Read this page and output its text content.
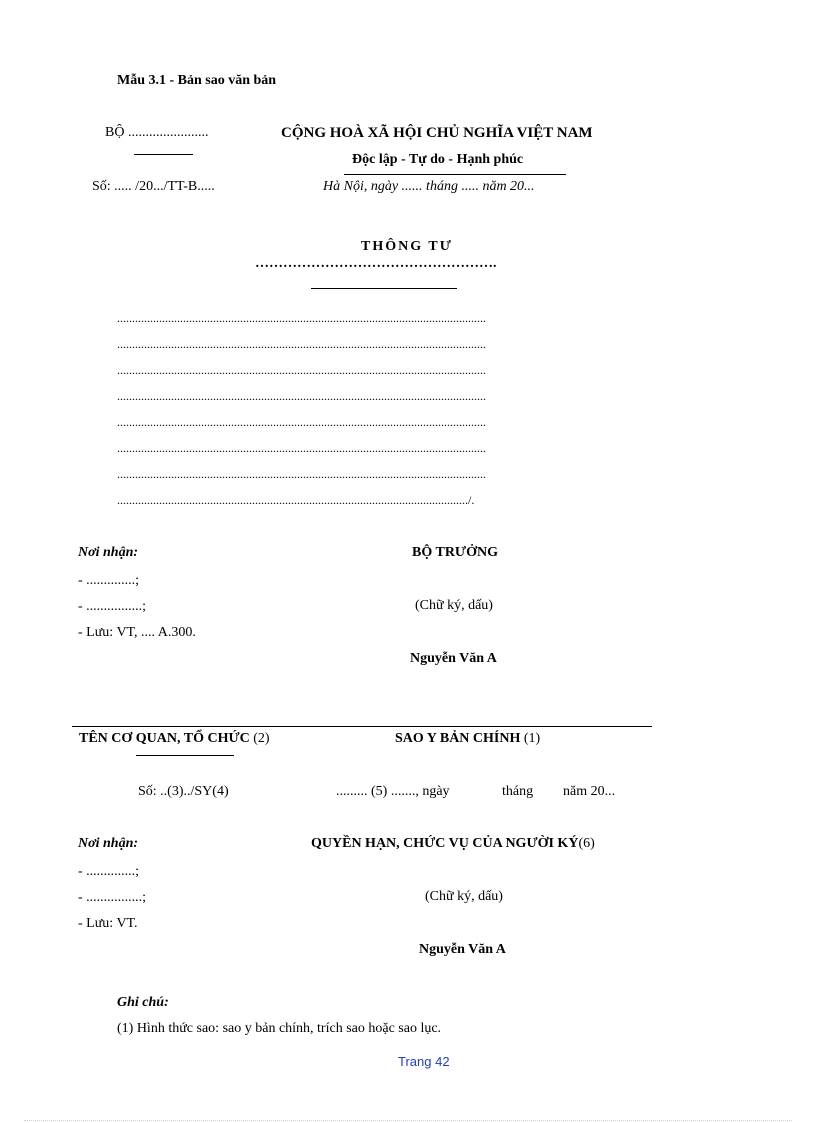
Mẫu 3.1 - Bản sao văn bản
BỘ .......................
Số: ..... /20.../TT-B.....
CỘNG HOÀ XÃ HỘI CHỦ NGHĨA VIỆT NAM
Độc lập - Tự do - Hạnh phúc
Hà Nội, ngày ...... tháng ..... năm 20...
THÔNG TƯ
…………………………………………….
...........................................................................................................................
...........................................................................................................................
...........................................................................................................................
...........................................................................................................................
...........................................................................................................................
...........................................................................................................................
...........................................................................................................................
...................................................................................................................../.
Nơi nhận:
- ..............;
- ................;
- Lưu: VT, .... A.300.
BỘ TRƯỞNG
(Chữ ký, dấu)
Nguyễn Văn A
TÊN CƠ QUAN, TỔ CHỨC (2)	SAO Y BẢN CHÍNH (1)
Số: ..(3)../SY(4)	......... (5) ......., ngày	tháng năm 20...
Nơi nhận:
- ..............;
- ................;
- Lưu: VT.
QUYỀN HẠN, CHỨC VỤ CỦA NGƯỜI KÝ(6)
(Chữ ký, dấu)
Nguyễn Văn A
Ghi chú:
(1) Hình thức sao: sao y bản chính, trích sao hoặc sao lục.
Trang 42
